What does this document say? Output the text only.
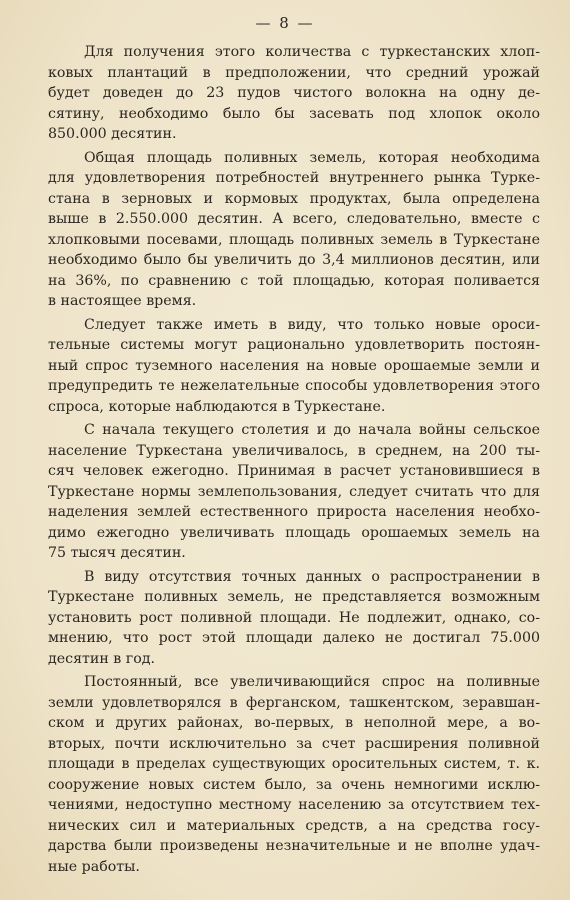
— 8 —
Для получения этого количества с туркестанских хлоп-
ковых плантаций в предположении, что средний урожай
будет доведен до 23 пудов чистого волокна на одну де-
сятину, необходимо было бы засевать под хлопок около
850.000 десятин.
Общая площадь поливных земель, которая необходима
для удовлетворения потребностей внутреннего рынка Турке-
стана в зерновых и кормовых продуктах, была определена
выше в 2.550.000 десятин. А всего, следовательно, вместе с
хлопковыми посевами, площадь поливных земель в Туркестане
необходимо было бы увеличить до 3,4 миллионов десятин, или
на 36%, по сравнению с той площадью, которая поливается
в настоящее время.
Следует также иметь в виду, что только новые ороси-
тельные системы могут рационально удовлетворить постоян-
ный спрос туземного населения на новые орошаемые земли и
предупредить те нежелательные способы удовлетворения этого
спроса, которые наблюдаются в Туркестане.
С начала текущего столетия и до начала войны сельское
население Туркестана увеличивалось, в среднем, на 200 ты-
сяч человек ежегодно. Принимая в расчет установившиеся в
Туркестане нормы землепользования, следует считать что для
наделения землей естественного прироста населения необхо-
димо ежегодно увеличивать площадь орошаемых земель на
75 тысяч десятин.
В виду отсутствия точных данных о распространении в
Туркестане поливных земель, не представляется возможным
установить рост поливной площади. Не подлежит, однако, со-
мнению, что рост этой площади далеко не достигал 75.000
десятин в год.
Постоянный, все увеличивающийся спрос на поливные
земли удовлетворялся в ферганском, ташкентском, зеравшан-
ском и других районах, во-первых, в неполной мере, а во-
вторых, почти исключительно за счет расширения поливной
площади в пределах существующих оросительных систем, т. к.
сооружение новых систем было, за очень немногими исклю-
чениями, недоступно местному населению за отсутствием тех-
нических сил и материальных средств, а на средства госу-
дарства были произведены незначительные и не вполне удач-
ные работы.
